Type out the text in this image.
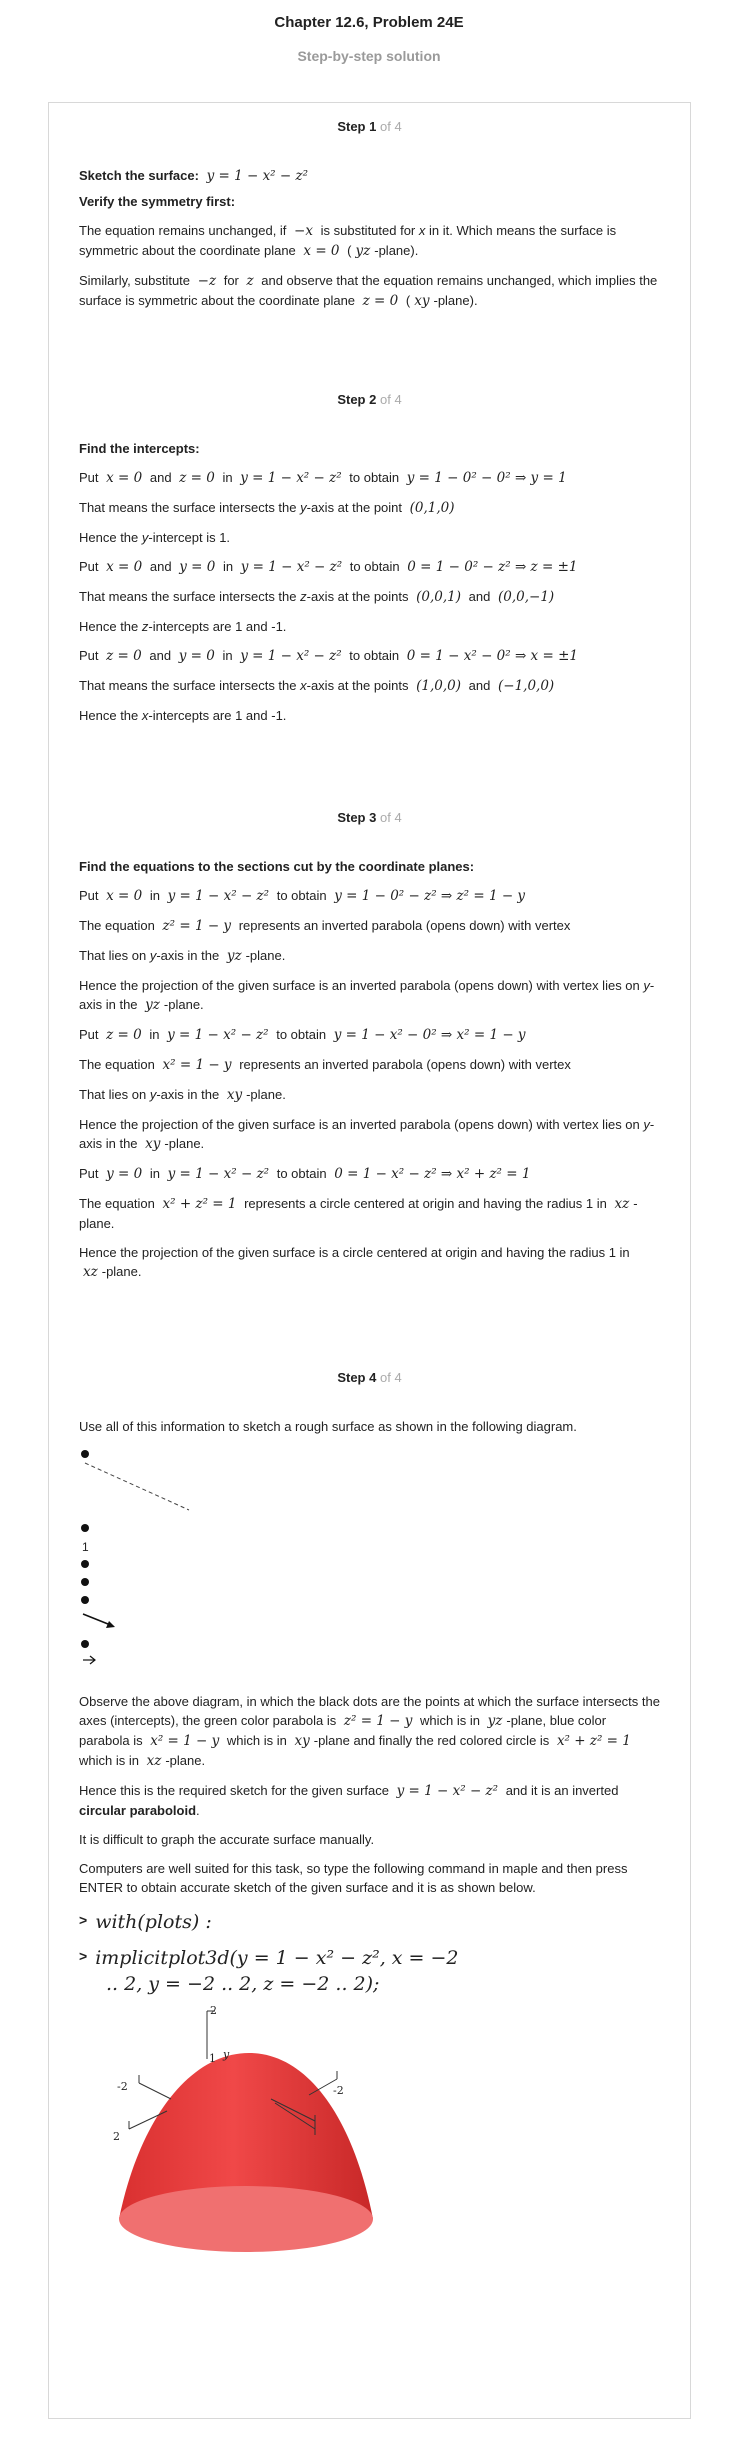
Chapter 12.6, Problem 24E
Step-by-step solution
Step 1 of 4

Sketch the surface: y = 1 − x² − z²

Verify the symmetry first:

The equation remains unchanged, if −x is substituted for x in it. Which means the surface is symmetric about the coordinate plane x = 0 ( yz -plane).

Similarly, substitute −z for z and observe that the equation remains unchanged, which implies the surface is symmetric about the coordinate plane z = 0 ( xy -plane).

Step 2 of 4

Find the intercepts:

Put x = 0 and z = 0 in y = 1 − x² − z² to obtain y = 1 − 0² − 0² ⇒ y = 1

That means the surface intersects the y-axis at the point (0,1,0)

Hence the y-intercept is 1.

Put x = 0 and y = 0 in y = 1 − x² − z² to obtain 0 = 1 − 0² − z² ⇒ z = ±1

That means the surface intersects the z-axis at the points (0,0,1) and (0,0,−1)

Hence the z-intercepts are 1 and -1.

Put z = 0 and y = 0 in y = 1 − x² − z² to obtain 0 = 1 − x² − 0² ⇒ x = ±1

That means the surface intersects the x-axis at the points (1,0,0) and (−1,0,0)

Hence the x-intercepts are 1 and -1.

Step 3 of 4

Find the equations to the sections cut by the coordinate planes:

Put x = 0 in y = 1 − x² − z² to obtain y = 1 − 0² − z² ⇒ z² = 1 − y

The equation z² = 1 − y represents an inverted parabola (opens down) with vertex

That lies on y-axis in the yz -plane.

Hence the projection of the given surface is an inverted parabola (opens down) with vertex lies on y-axis in the yz -plane.

Put z = 0 in y = 1 − x² − z² to obtain y = 1 − x² − 0² ⇒ x² = 1 − y

The equation x² = 1 − y represents an inverted parabola (opens down) with vertex

That lies on y-axis in the xy -plane.

Hence the projection of the given surface is an inverted parabola (opens down) with vertex lies on y-axis in the xy -plane.

Put y = 0 in y = 1 − x² − z² to obtain 0 = 1 − x² − z² ⇒ x² + z² = 1

The equation x² + z² = 1 represents a circle centered at origin and having the radius 1 in xz -plane.

Hence the projection of the given surface is a circle centered at origin and having the radius 1 in xz -plane.

Step 4 of 4

Use all of this information to sketch a rough surface as shown in the following diagram.

1

Observe the above diagram, in which the black dots are the points at which the surface intersects the axes (intercepts), the green color parabola is z² = 1 − y which is in yz -plane, blue color parabola is x² = 1 − y which is in xy -plane and finally the red colored circle is x² + z² = 1 which is in xz -plane.

Hence this is the required sketch for the given surface y = 1 − x² − z² and it is an inverted circular paraboloid.

It is difficult to graph the accurate surface manually.

Computers are well suited for this task, so type the following command in maple and then press ENTER to obtain accurate sketch of the given surface and it is as shown below.

> with(plots) :
> implicitplot3d(y = 1 − x² − z², x = −2
.. 2, y = −2 .. 2, z = −2 .. 2);
2
1 y
-2	-2
2
